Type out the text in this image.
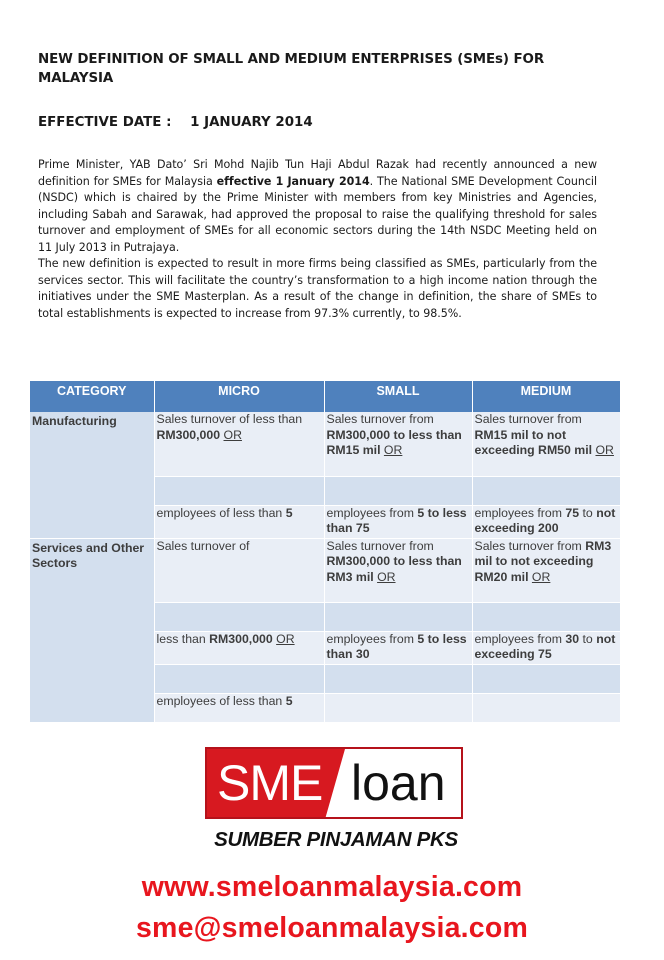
NEW DEFINITION OF SMALL AND MEDIUM ENTERPRISES (SMEs) FOR MALAYSIA
EFFECTIVE DATE : 1 JANUARY 2014

Prime Minister, YAB Dato’ Sri Mohd Najib Tun Haji Abdul Razak had recently announced a new definition for SMEs for Malaysia effective 1 January 2014. The National SME Development Council (NSDC) which is chaired by the Prime Minister with members from key Ministries and Agencies, including Sabah and Sarawak, had approved the proposal to raise the qualifying threshold for sales turnover and employment of SMEs for all economic sectors during the 14th NSDC Meeting held on 11 July 2013 in Putrajaya.

The new definition is expected to result in more firms being classified as SMEs, particularly from the services sector. This will facilitate the country’s transformation to a high income nation through the initiatives under the SME Masterplan. As a result of the change in definition, the share of SMEs to total establishments is expected to increase from 97.3% currently, to 98.5%.

CATEGORY	MICRO	SMALL	MEDIUM
Manufacturing	Sales turnover of less than RM300,000 OR	Sales turnover from RM300,000 to less than RM15 mil OR	Sales turnover from RM15 mil to not exceeding RM50 mil OR

	employees of less than 5	employees from 5 to less than 75	employees from 75 to not exceeding 200
Services and Other Sectors	Sales turnover of	Sales turnover from RM300,000 to less than RM3 mil OR	Sales turnover from RM3 mil to not exceeding RM20 mil OR

	less than RM300,000 OR	employees from 5 to less than 30	employees from 30 to not exceeding 75

	employees of less than 5		
SME loan
SUMBER PINJAMAN PKS
www.smeloanmalaysia.com
sme@smeloanmalaysia.com
